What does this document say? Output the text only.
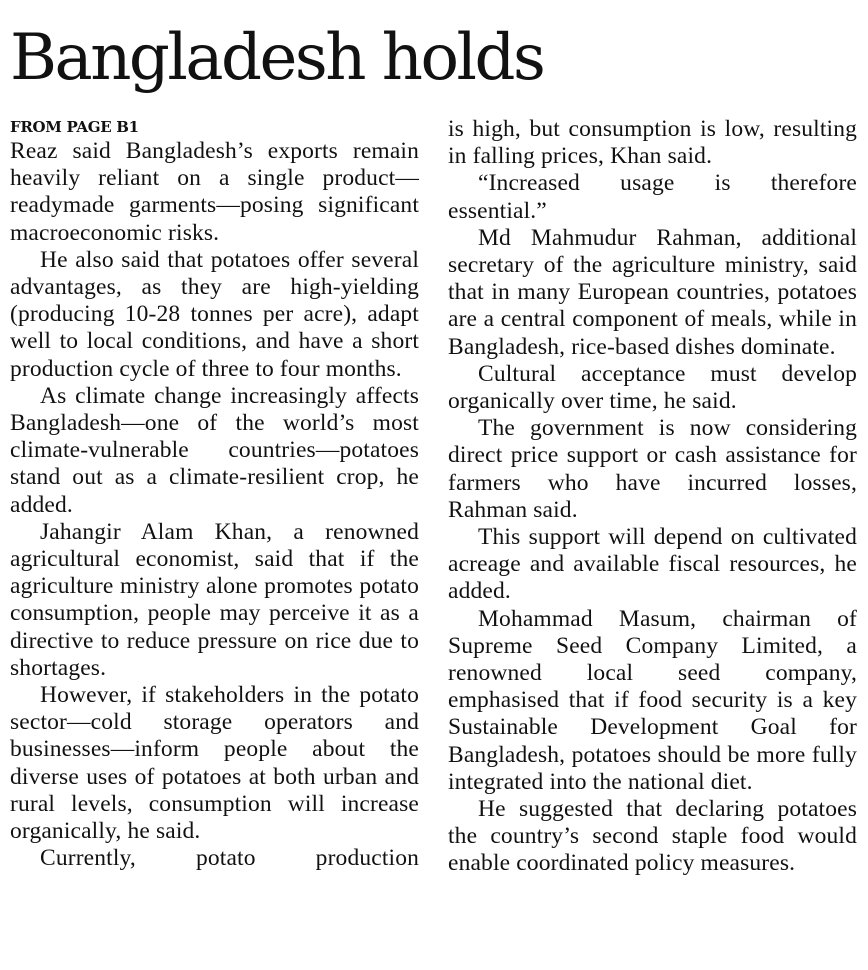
Bangladesh holds
FROM PAGE B1

Reaz said Bangladesh’s exports remain heavily reliant on a single product—readymade garments—posing significant macroeconomic risks.

He also said that potatoes offer several advantages, as they are high-yielding (producing 10-28 tonnes per acre), adapt well to local conditions, and have a short production cycle of three to four months.

As climate change increasingly affects Bangladesh—one of the world’s most climate-vulnerable countries—potatoes stand out as a climate-resilient crop, he added.

Jahangir Alam Khan, a renowned agricultural economist, said that if the agriculture ministry alone promotes potato consumption, people may perceive it as a directive to reduce pressure on rice due to shortages.

However, if stakeholders in the potato sector—cold storage operators and businesses—inform people about the diverse uses of potatoes at both urban and rural levels, consumption will increase organically, he said.

Currently, potato production

is high, but consumption is low, resulting in falling prices, Khan said.

“Increased usage is therefore essential.”

Md Mahmudur Rahman, additional secretary of the agriculture ministry, said that in many European countries, potatoes are a central component of meals, while in Bangladesh, rice-based dishes dominate.

Cultural acceptance must develop organically over time, he said.

The government is now considering direct price support or cash assistance for farmers who have incurred losses, Rahman said.

This support will depend on cultivated acreage and available fiscal resources, he added.

Mohammad Masum, chairman of Supreme Seed Company Limited, a renowned local seed company, emphasised that if food security is a key Sustainable Development Goal for Bangladesh, potatoes should be more fully integrated into the national diet.

He suggested that declaring potatoes the country’s second staple food would enable coordinated policy measures.
